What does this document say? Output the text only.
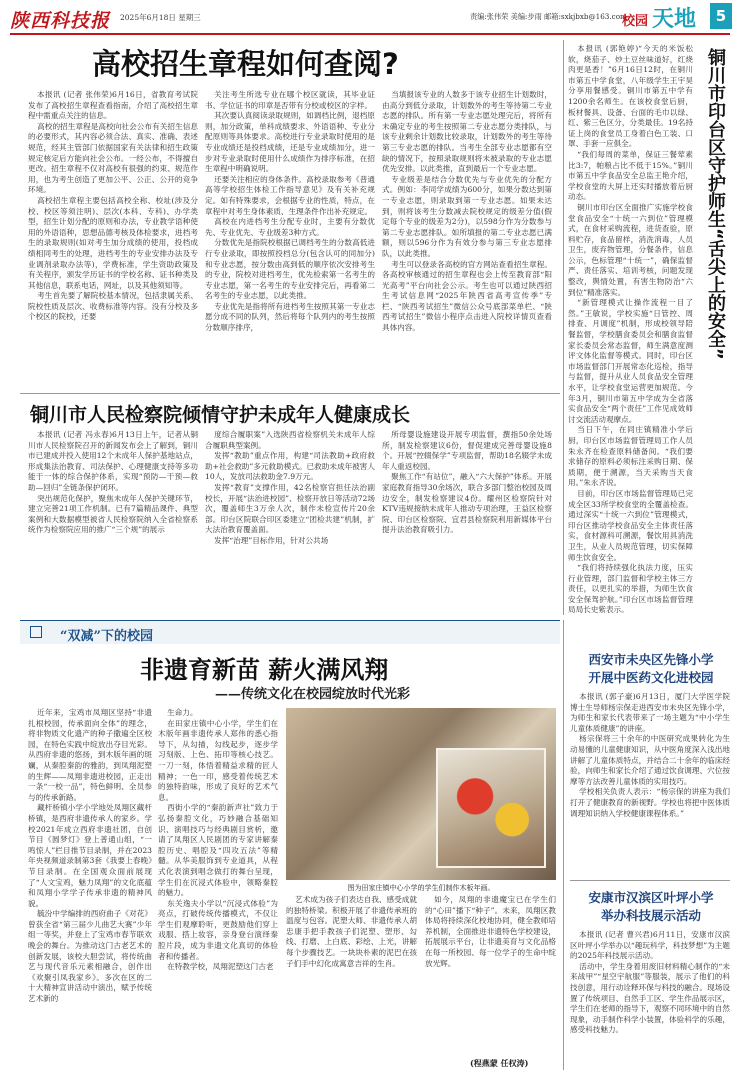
陕西科技报 2025年6月18日 星期三	责编:张伟荣 美编:步雨 邮箱:sxkjbxb@163.com
校园 天地	5
高校招生章程如何查阅?

本报讯 (记者 张伟荣)6月16日，省教育考试院发布了高校招生章程查看指南，介绍了高校招生章程中需重点关注的信息。

高校的招生章程是高校向社会公布有关招生信息的必要形式，其内容必须合法、真实、准确、表述规范，经其主管部门依据国家有关法律和招生政策规定核定后方能向社会公布。一经公布，不得擅自更改。招生章程不仅对高校有很强的约束、规范作用，也为考生创造了更加公平、公正、公开的竞争环境。

高校招生章程主要包括高校全称、校址(涉及分校、校区等须注明)、层次(本科、专科)、办学类型，招生计划分配的原则和办法，专业教学语种使用的外语语种，思想品德考核及体检要求，进档考生的录取规则(如对考生加分成绩的使用，投档成绩相同考生的处理，进档考生的专业安排办法及专业调剂录取办法等)，学费标准，学生资助政策及有关程序，颁发学历证书的学校名称、证书种类及其他信息，联系电话，网址，以及其他须知等。

考生首先要了解院校基本情况，包括隶属关系、院校性质及层次、收费标准等内容。没有分校及多个校区的院校，还要

关注考生所选专业在哪个校区就读，其毕业证书、学位证书的印章是否带有分校或校区的字样。

其次要认真阅读录取规则，如调档比例，退档原则，加分政策，单科成绩要求、外语语种、专业分配原则等具体要求。高校进行专业录取时使用的是专业成绩还是投档成绩，还是专业成绩加分，进一步对专业录取时使用什么成绩作为排序标准，在招生章程中明确说明。

还要关注相应的身体条件。高校录取参考《普通高等学校招生体检工作指导意见》及有关补充规定。如有特殊要求，会根据专业的性质，特点，在章程中对考生身体素质、生理条件作出补充规定。

高校在内进档考生分配专业时，主要有分数优先、专业优先、专业级差3种方式。

分数优先是指院校根据已调档考生的分数高低进行专业录取，即按照投档总分(包含认可的同加分)和专业志愿，按分数由高到低的顺序依次安排考生的专业，院校对进档考生，优先检索第一名考生的专业志愿，第一名考生的专业安排完后，再看第二名考生的专业志愿，以此类推。

专业优先是指将所有进档考生按照其第一专业志愿分成不同的队列，然后将每个队列内的考生按照分数顺序排序，

当填报该专业的人数多于该专业招生计划数时，由高分到低分录取，计划数外的考生等待第二专业志愿的排队。所有第一专业志愿处理完后，将所有未确定专业的考生按照第二专业志愿分类排队，与该专业剩余计划数比较录取，计划数外的考生等待第三专业志愿的排队。当考生全部专业志愿都有空缺的情况下，按照录取规则将未被录取的专业志愿优先安排。以此类推，直到最后一个专业志愿。

专业级差是结合分数优先与专业优先的分配方式。例如：李同学成绩为600分，如果分数达到第一专业志愿，则录取到第一专业志愿。如果未达到，则将该考生分数减去院校规定的级差分值(假定每个专业的级差为2分)，以598分作为分数参与第二专业志愿排队。如所填报的第二专业志愿已满额，则以596分作为有效分参与第三专业志愿排队，以此类推。

考生可以登录各高校的官方网站查看招生章程。各高校审核通过的招生章程也会上传至教育部“阳光高考”平台向社会公示。考生也可以通过陕西招生考试信息网“2025年陕西省高考宣传季”专栏、“陕西考试招生”微信公众号底部菜单栏、“陕西考试招生”微信小程序点击进入院校详情页查看具体内容。

铜川市人民检察院倾情守护未成年人健康成长

本报讯 (记者 冯永春)6月13日上午，记者从铜川市人民检察院召开的新闻发布会上了解到，铜川市已建成并投入使用12个未成年人保护基地站点，形成集法治教育、司法保护、心理健康支持等多功能于一体的综合保护体系，实现“预防—干预—救助—回归”全链条保护闭环。

突出规范化保护，聚焦未成年人保护关键环节，建立完善21项工作机制。已有7篇精品课件、典型案例和大数据模型被省人民检察院纳入全省检察系统作为检察院应用的推广“三个规”的展示

度综合履职案”入选陕西省检察机关未成年人综合履职典型案例。

发挥“教助”重点作用，构建“司法教助+政府救助+社会救助”多元救助模式。已救助未成年被害人10人，发放司法救助金7.9万元。

发挥“教育”支撑作用，42名检察官担任法治副校长，开展“法治进校园”、检察开放日等活动72场次，覆盖师生3万余人次，制作未检宣传片20余部。印台区院联合印区委建立“团检共建”机制，扩大法治教育覆盖面。

发挥“治理”目标作用，针对公共场

所母婴设施建设开展专项监督，撰指50余处场所，制发检察建议6份，督促建成完善母婴设施8个。开展“控辍保学”专项监督，帮助18名辍学未成年人重返校园。

聚焦工作“有站位”，融入“六大保护”体系。开展家庭教育指导30余场次，联合多部门整治校园及周边安全，制发检察建议4份。耀州区检察院针对KTV违规接纳未成年人推动专项治理，王益区检察院、印台区检察院、宜君县检察院利用新媒体平台提升法治教育吸引力。

铜川市印台区守护师生“舌尖上的安全”

本报讯 (郭艳婷)“今天的米饭松软，烧茄子、炒土豆丝味道好，红烧肉更是香！”6月16日12时，在铜川市第五中学食堂，八年级学生王宇昊分享用餐感受。铜川市第五中学有1200余名师生。在该校食堂后厨，板材餐具、设备、台面的毛巾以绿、红、紫三色区分，分类最佳。19名持证上岗的食堂员工身着白色工装、口罩、手套一应俱全。

“我们每周的菜单，保证三餐荤素比3:7，帕粮占比不低于15%。”铜川市第五中学食品安全总监王艳介绍，学校食堂的大屏上还实时播放着后厨动态。

铜川市印台区全面推广实施学校食堂食品安全“十统一六到位”管理模式，在食材采购流程，进货查验，原料贮存，食品留样，消洗消毒，人员卫生，废弃物管理，分餐条件，信息公示，色标管理“十统一”，确保监督严、责任落实、培训考核，问题发现整改，舆情处置，有害生物防治“六到位”精准落实。

“新管理模式让操作流程一目了然。”王敏说，学校实施“日管控、周排查、月调度”机制，形成校领导陪餐监督，学校膳食委员会和膳食监督家长委员会常态监督，师生满意度测评文体化监督等模式。同时，印台区市场监督部门开展常态化巡检，指导与监督，提升从业人员食品安全管理水平，让学校食堂运营更加规范。今年3月，铜川市第五中学成为全省落实食品安全“两个责任”工作见成效师讨交流活动观摩点。

当日下午，在同庄镇精准小学后厨，印台区市场监督管理局工作人员朱永齐在检查原料储备间。“我们要求储存的原料必须标注采购日期、保质期，便于溯源，当天采购当天食用。”朱永齐说。

目前，印台区市场监督管理局已完成全区33所学校食堂的全覆盖检查。通过深实“十统一六到位”管理模式，印台区推动学校食品安全主体责任落实，食材源科可溯源，餐饮用具消洗卫生，从业人员规范管理，切实保障师生饮食安全。

“我们将持续强化执法力度，压实行业管理，部门监督和学校主体三方责任，以更扎实的举措，为师生饮食安全保驾护航。”印台区市场监督管理局局长史紫表示。

“双减”下的校园
非遗育新苗 薪火满风翔
——传统文化在校园绽放时代光彩

近年来，宝鸡市凤翔区坚持“非遗扎根校园，传承面向全体”的理念，将非物质文化遗产的种子撒遍全区校园，在特色实践中绽放出夺目光彩。从西府非遗的悠扬，到木版年画的斑斓，从秦腔秦韵的雅韵，到凤翔泥塑的生辉——凤翔非遗进校园，正走出一条“一校一品”，特色鲜明、全员参与的传承新路。

藏杆桥镇小学小学地处凤翔区藏杆桥镇，是西府非遗传承人的家乡。学校2021年成立西府非遗社团，自创节目《圆梦灯》登上普通山组，“一鸣惊人”栏目推节目录制，并在2023年央视频道录制第3套《我要上春晚》节目录制。在全国观众面前展现了“人文宝鸡，魅力凤翔”的文化底蕴和凤翔小学学子传承非遗的精神风貌。

毓汾中学编排的西府曲子《对花》曾获全省“第三届少儿曲艺大赛”少年组一等奖，并登上了宝鸡市春节联欢晚会的舞台。为推动这门古老艺术的创新发展，该校大胆尝试，将传统曲艺与现代音乐元素相融合，创作出《欢聚引凤我家乡》。多次在区的二十大精神宣讲活动中演出，赋予传统艺术新的

生命力。

在田家庄镇中心小学，学生们在木版年画非遗传承人郑伟的悉心指导下，从勾描，勾线起步，逐步学习刻版、上色、拓印等核心技艺。一刀一刻，体悟着精益求精的匠人精神；一色一印，感受着传统艺术的独特韵味，形成了良好的艺术气息。

西街小学的“秦韵新声社”致力于弘扬秦腔文化，巧妙融合基础知识、演唱技巧与经典剧目赏析，邀请了凤翔区人民剧团的专家讲解秦腔历史、唱腔及“四攻五法”等精髓。从华美服饰到专业道具，从程式化表演到唱念做打的舞台呈现，学生们在沉浸式体验中，领略秦腔的魅力。

东关逸夫小学以“沉浸式体验”为亮点，打破传统传播模式，不仅让学生们观摩聆听，更鼓励他们穿上戏服、搭上妆容，亲身登台演绎秦腔片段，成为非遗文化真切的体验者和传播者。

在特教学校，凤翔泥塑这门古老

图为田家庄镇中心小学的学生们制作木板年画。

艺术成为孩子们表达自我、感受成就的独特桥梁。积极开展了非遗传承班的温度与包容。泥塑大师、非遗传承人胡忠康手把手教孩子们泥塑、塑形、勾线、打磨、上白底、彩绘、上光，讲解每个步骤技艺。一块块朴素的泥巴在孩子们手中幻化成寓意吉祥的生肖。

如今，凤翔的非遗魔宝已在学生们的“心田”播下“种子”。未来，凤翔区教体局将持续深化校地协同，健全教师培养机制，全面推进非遗特色学校建设，拓展展示平台，让非遗美育与文化品格在每一所校园、每一位学子的生命中绽放光辉。

(程燕蒙 任权涛)
西安市未央区先锋小学
开展中医药文化进校园

本报讯 (郭子豪)6月13日，厦门大学医学院博士生导师杨宗保走进西安市未央区先锋小学，为师生和家长代表带来了一场主题为“中小学生儿童体质健康”的讲座。

杨宗保将三十余年的中医研究成果转化为生动易懂的儿童健康知识，从中医角度深入浅出地讲解了儿童体质特点，并结合二十余年的临床经验，向师生和家长介绍了通过饮食调理、穴位按摩等方法改善儿童体质的实用技巧。

学校相关负责人表示：“杨宗保的讲座为我们打开了健康教育的新视野。学校也将把中医体质调理知识纳入学校健康课程体系。”

安康市汉滨区叶坪小学
举办科技展示活动

本报讯 (记者 曹兴君)6月11日，安康市汉滨区叶坪小学举办以“趣玩科学，科技梦想”为主题的2025年科技展示活动。

活动中，学生身着用废旧材料精心制作的“未来战甲”“星空宇航服”等服装，展示了他们的科技创意，用行动诠释环保与科技的融合。现场设置了传统项目、自然手工区、学生作品展示区，学生们在老师的指导下，观察不同环境中的自然现象，动手制作科学小装置，体验科学的乐趣，感受科技魅力。
